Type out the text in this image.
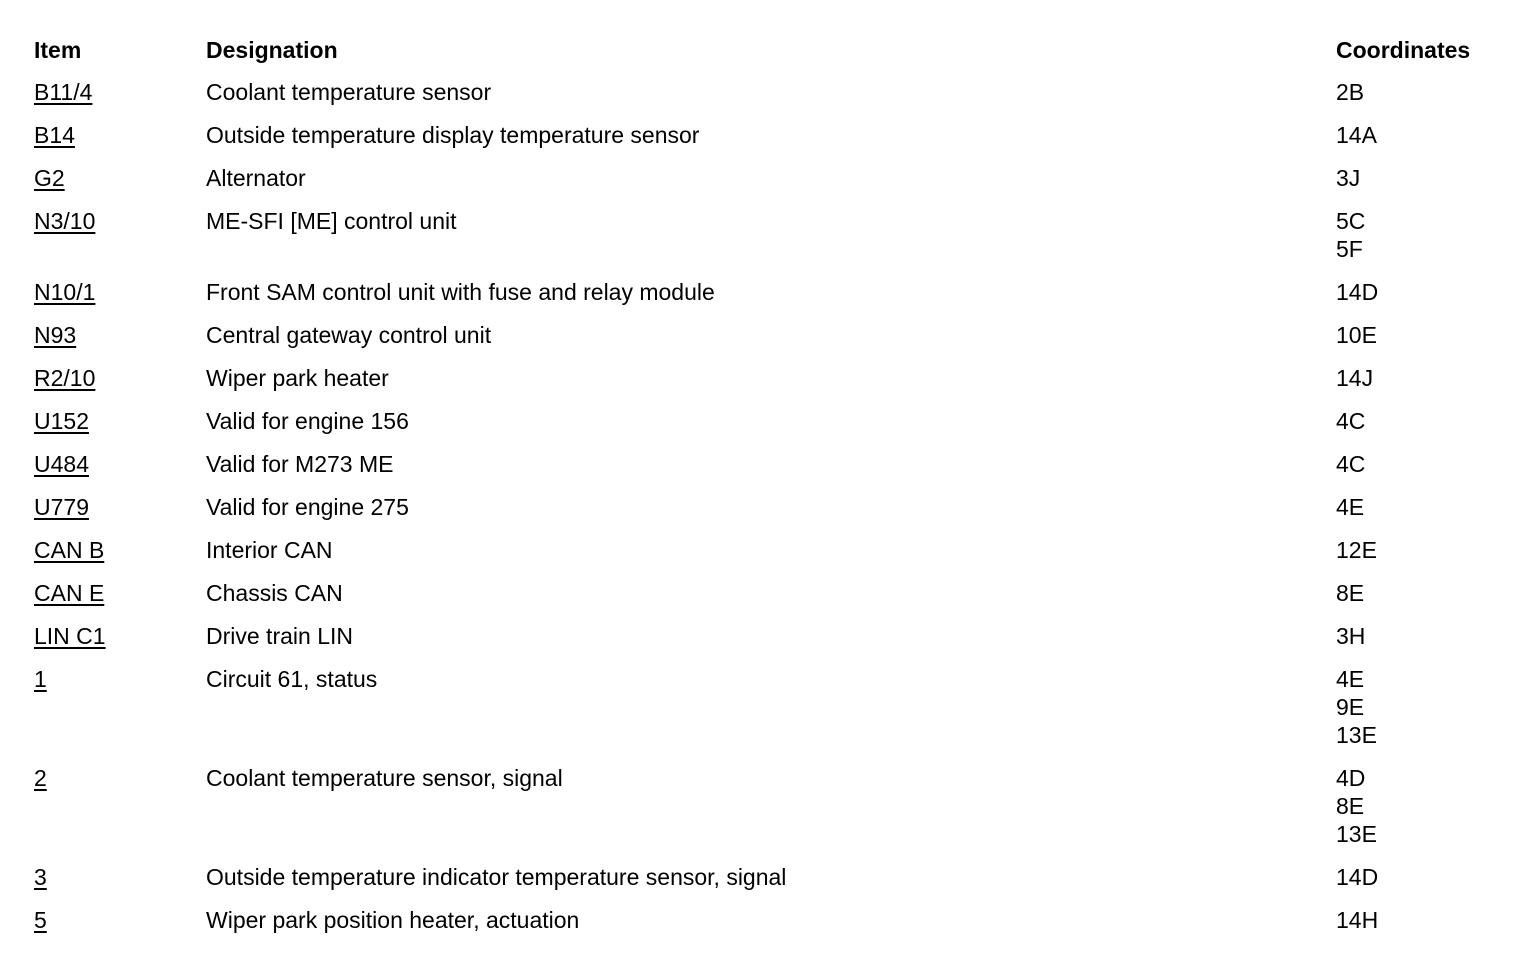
Item	Designation	Coordinates
B11/4	Coolant temperature sensor	2B
B14	Outside temperature display temperature sensor	14A
G2	Alternator	3J
N3/10	ME-SFI [ME] control unit	5C
5F
N10/1	Front SAM control unit with fuse and relay module	14D
N93	Central gateway control unit	10E
R2/10	Wiper park heater	14J
U152	Valid for engine 156	4C
U484	Valid for M273 ME	4C
U779	Valid for engine 275	4E
CAN B	Interior CAN	12E
CAN E	Chassis CAN	8E
LIN C1	Drive train LIN	3H
1	Circuit 61, status	4E
9E
13E
2	Coolant temperature sensor, signal	4D
8E
13E
3	Outside temperature indicator temperature sensor, signal	14D
5	Wiper park position heater, actuation	14H
